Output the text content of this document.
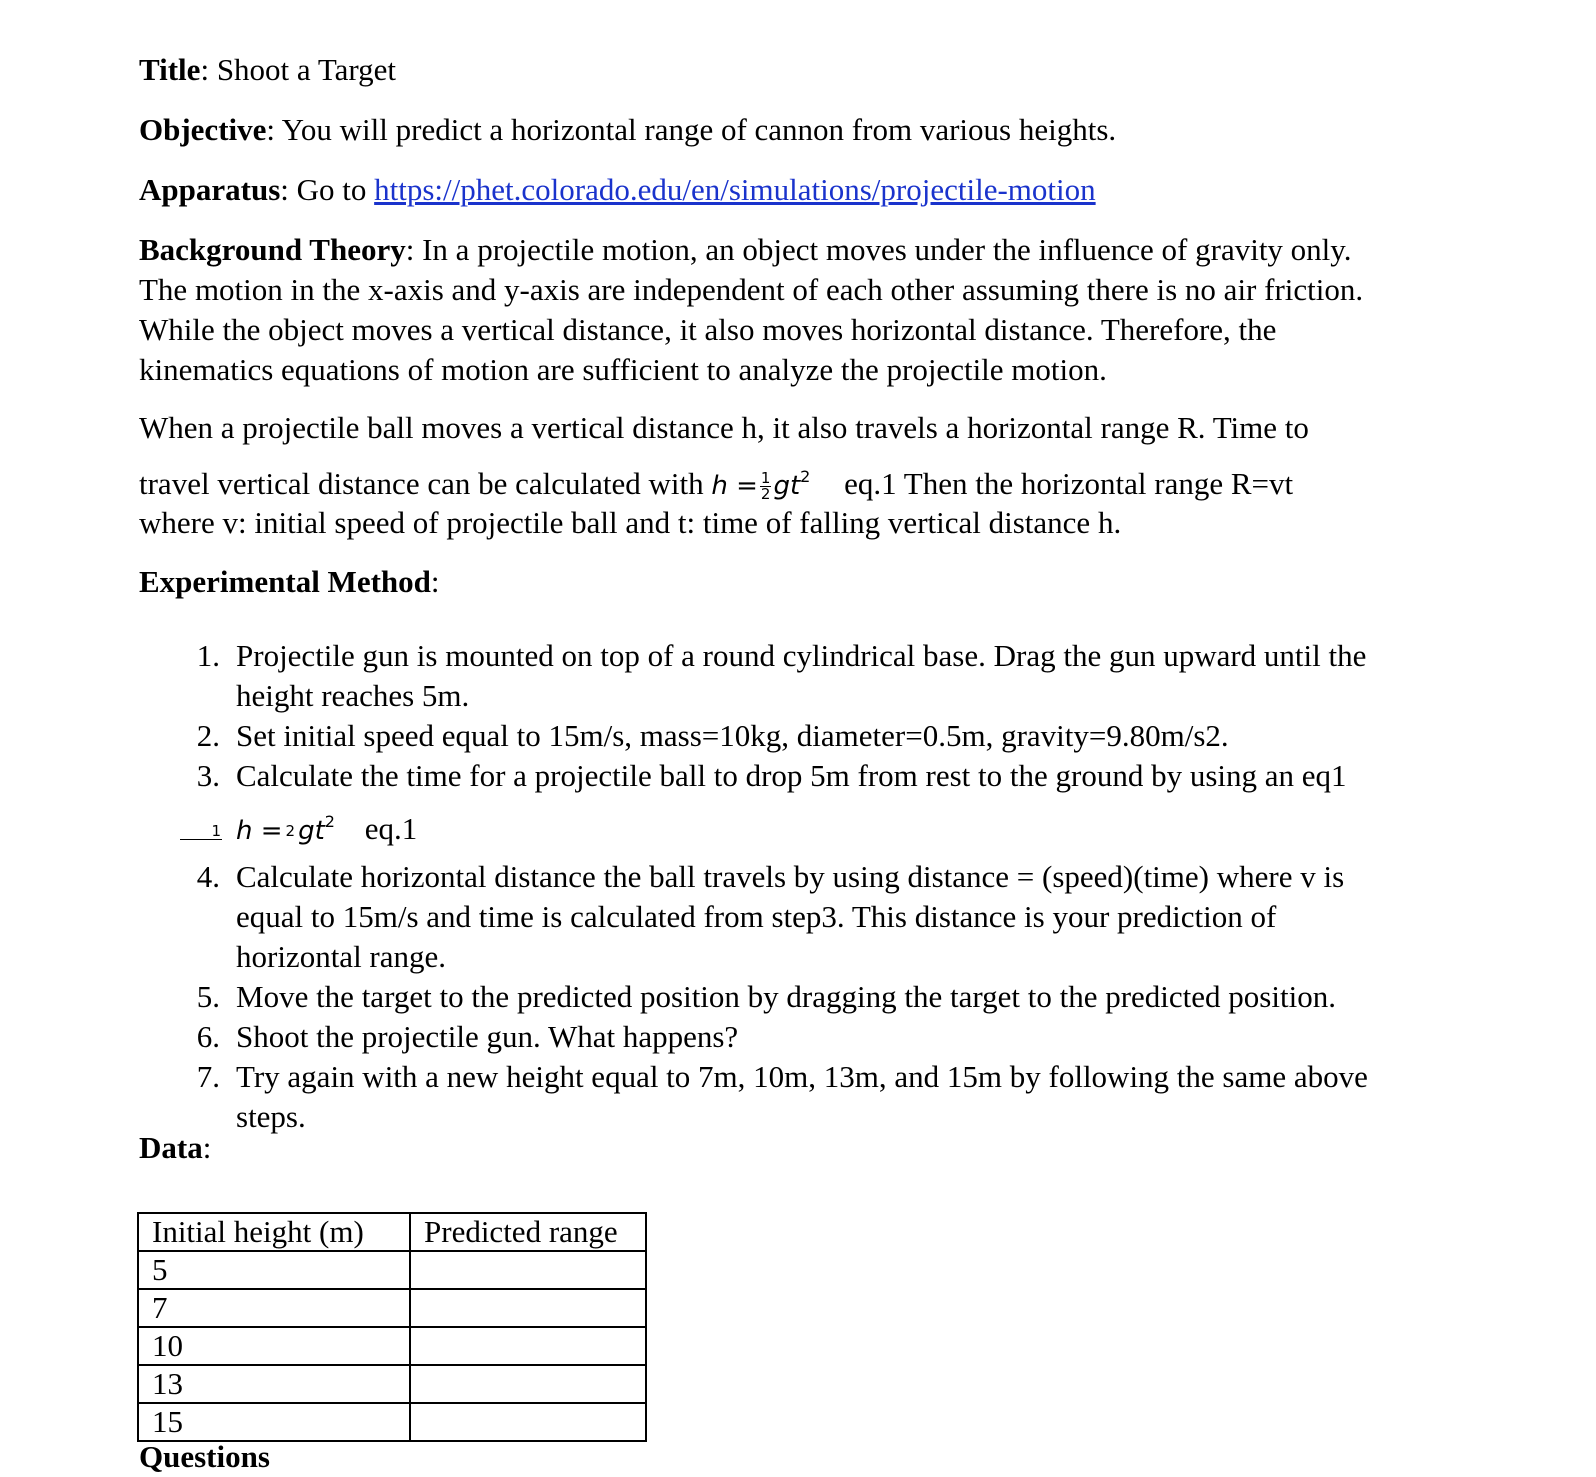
Title: Shoot a Target
Objective: You will predict a horizontal range of cannon from various heights.
Apparatus: Go to https://phet.colorado.edu/en/simulations/projectile-motion
Background Theory: In a projectile motion, an object moves under the influence of gravity only.
The motion in the x-axis and y-axis are independent of each other assuming there is no air friction.
While the object moves a vertical distance, it also moves horizontal distance. Therefore, the
kinematics equations of motion are sufficient to analyze the projectile motion.
When a projectile ball moves a vertical distance h, it also travels a horizontal range R. Time to
travel vertical distance can be calculated with $h = \frac{1}{2} gt^2$ eq.1 Then the horizontal range R=vt
where v: initial speed of projectile ball and t: time of falling vertical distance h.
Experimental Method:
1. Projectile gun is mounted on top of a round cylindrical base. Drag the gun upward until the
height reaches 5m.
2. Set initial speed equal to 15m/s, mass=10kg, diameter=0.5m, gravity=9.80m/s2.
3. Calculate the time for a projectile ball to drop 5m from rest to the ground by using an eq1
h =
1	2 $gt^2$ eq.1
4. Calculate horizontal distance the ball travels by using distance = (speed)(time) where v is
equal to 15m/s and time is calculated from step3. This distance is your prediction of
horizontal range.
5. Move the target to the predicted position by dragging the target to the predicted position.
6. Shoot the projectile gun. What happens?
7. Try again with a new height equal to 7m, 10m, 13m, and 15m by following the same above
steps.
Data:
Initial height (m)	Predicted range
5	
7	
10	
13	
15	
Questions
